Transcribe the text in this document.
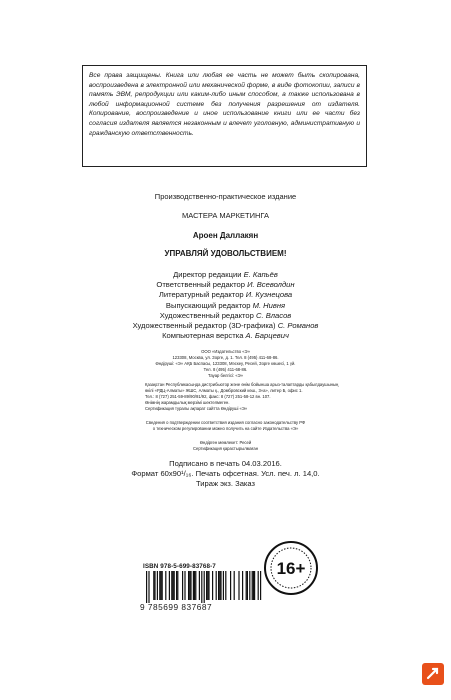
Все права защищены. Книга или любая ее часть не может быть скопирована, воспроизведена в электронной или механической форме, в виде фотокопии, записи в память ЭВМ, репродукции или каким-либо иным способом, а также использована в любой информационной системе без получения разрешения от издателя. Копирование, воспроизведение и иное использование книги или ее части без согласия издателя является незаконным и влечет уголовную, административную и гражданскую ответственность.

Производственно-практическое издание
МАСТЕРА МАРКЕТИНГА
Ароен Даллакян
УПРАВЛЯЙ УДОВОЛЬСТВИЕМ!

Директор редакции Е. Капьёв

Ответственный редактор И. Всеволдин

Литературный редактор И. Кузнецова

Выпускающий редактор М. Нивня

Художественный редактор С. Власов

Художественный редактор (3D-графика) С. Романов

Компьютерная верстка А. Барцевич

ООО «Издательство «Э»
123308, Москва, ул. Зорге, д. 1. Тел. 8 (495) 411-68-86.
Өндіруші: «Э» АҚБ Баспасы, 123308, Мәскеу, Ресей, Зорге көшесі, 1 үй.
Тел. 8 (495) 411-68-86.
Тауар белгісі: «Э»
Қазақстан Республикасында дистрибьютор және өнім бойынша арыз-талаптарды қабылдаушының
өкілі «РДЦ-Алматы» ЖШС, Алматы қ., Домбровский көш., 3«а», литер Б, офис 1.
Тел.: 8 (727) 251-59-89/90/91/92, факс: 8 (727) 251-58-12 вн. 107.
Өнімнің жарамдылық мерзімі шектелмеген.
Сертификация туралы ақпарат сайтта Өндіруші «Э»
Сведения о подтверждении соответствия издания согласно законодательству РФ
о техническом регулировании можно получить на сайте Издательства «Э»
Өндірген мемлекет: Ресей
Сертификация қарастырылмаған

Подписано в печать 04.03.2016.

Формат 60x90¹/₁₆. Печать офсетная. Усл. печ. л. 14,0.

Тираж экз. Заказ

ISBN 978-5-699-83768-7
9 785699 837687
16+
